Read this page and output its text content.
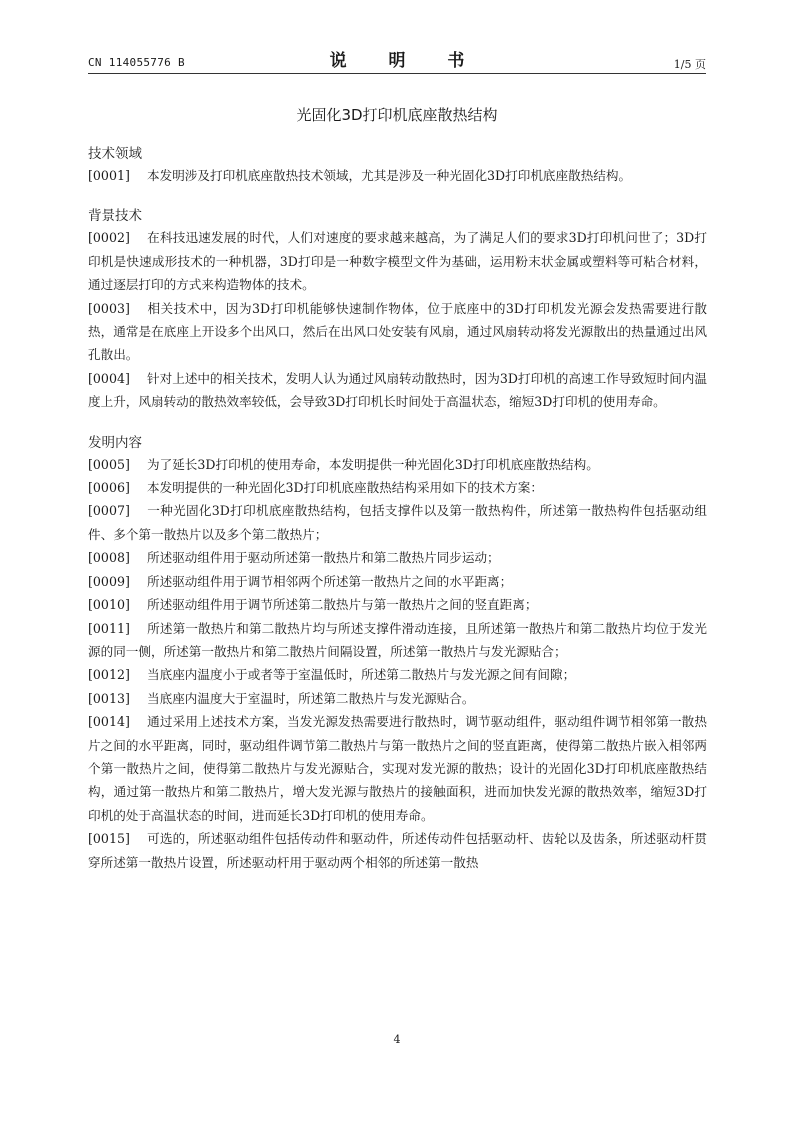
CN 114055776 B	说 明 书	1/5 页
光固化3D打印机底座散热结构
技术领域

[0001] 本发明涉及打印机底座散热技术领域，尤其是涉及一种光固化3D打印机底座散热结构。

背景技术

[0002] 在科技迅速发展的时代，人们对速度的要求越来越高，为了满足人们的要求3D打印机问世了；3D打印机是快速成形技术的一种机器，3D打印是一种数字模型文件为基础，运用粉末状金属或塑料等可粘合材料，通过逐层打印的方式来构造物体的技术。

[0003] 相关技术中，因为3D打印机能够快速制作物体，位于底座中的3D打印机发光源会发热需要进行散热，通常是在底座上开设多个出风口，然后在出风口处安装有风扇，通过风扇转动将发光源散出的热量通过出风孔散出。

[0004] 针对上述中的相关技术，发明人认为通过风扇转动散热时，因为3D打印机的高速工作导致短时间内温度上升，风扇转动的散热效率较低，会导致3D打印机长时间处于高温状态，缩短3D打印机的使用寿命。

发明内容

[0005] 为了延长3D打印机的使用寿命，本发明提供一种光固化3D打印机底座散热结构。

[0006] 本发明提供的一种光固化3D打印机底座散热结构采用如下的技术方案：

[0007] 一种光固化3D打印机底座散热结构，包括支撑件以及第一散热构件，所述第一散热构件包括驱动组件、多个第一散热片以及多个第二散热片；

[0008] 所述驱动组件用于驱动所述第一散热片和第二散热片同步运动；

[0009] 所述驱动组件用于调节相邻两个所述第一散热片之间的水平距离；

[0010] 所述驱动组件用于调节所述第二散热片与第一散热片之间的竖直距离；

[0011] 所述第一散热片和第二散热片均与所述支撑件滑动连接，且所述第一散热片和第二散热片均位于发光源的同一侧，所述第一散热片和第二散热片间隔设置，所述第一散热片与发光源贴合；

[0012] 当底座内温度小于或者等于室温低时，所述第二散热片与发光源之间有间隙；

[0013] 当底座内温度大于室温时，所述第二散热片与发光源贴合。

[0014] 通过采用上述技术方案，当发光源发热需要进行散热时，调节驱动组件，驱动组件调节相邻第一散热片之间的水平距离，同时，驱动组件调节第二散热片与第一散热片之间的竖直距离，使得第二散热片嵌入相邻两个第一散热片之间，使得第二散热片与发光源贴合，实现对发光源的散热；设计的光固化3D打印机底座散热结构，通过第一散热片和第二散热片，增大发光源与散热片的接触面积，进而加快发光源的散热效率，缩短3D打印机的处于高温状态的时间，进而延长3D打印机的使用寿命。

[0015] 可选的，所述驱动组件包括传动件和驱动件，所述传动件包括驱动杆、齿轮以及齿条，所述驱动杆贯穿所述第一散热片设置，所述驱动杆用于驱动两个相邻的所述第一散热

4
